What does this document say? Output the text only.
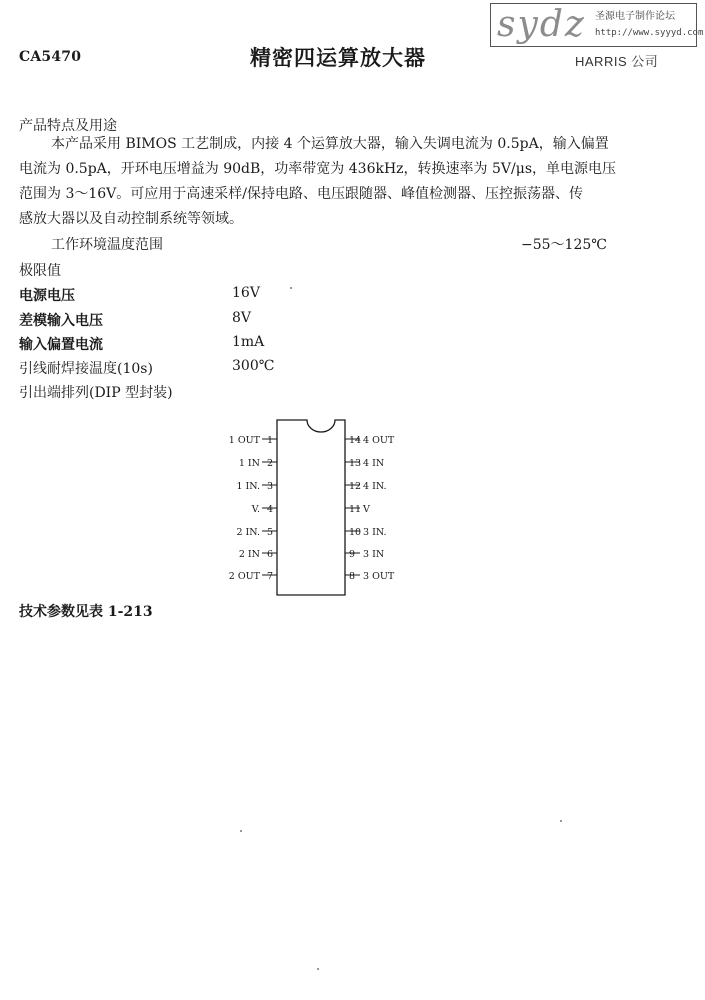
CA5470	精密四运算放大器
sydz 圣源电子制作论坛
http://www.syyyd.com
HARRIS 公司
产品特点及用途
本产品采用 BIMOS 工艺制成，内接 4 个运算放大器，输入失调电流为 0.5pA，输入偏置
电流为 0.5pA，开环电压增益为 90dB，功率带宽为 436kHz，转换速率为 5V/μs，单电源电压
范围为 3～16V。可应用于高速采样/保持电路、电压跟随器、峰值检测器、压控振荡器、传
感放大器以及自动控制系统等领域。
工作环境温度范围	−55～125℃
极限值
电源电压	16V
差模输入电压	8V
输入偏置电流	1mA
引线耐焊接温度(10s)	300℃
引出端排列(DIP 型封装)
1 OUT
1 IN
1 IN.
V.
2 IN.
2 IN
2 OUT
1
2
3
4
5
6
7
14
13
12
11
10
9
8
4 OUT
4 IN
4 IN.
V
3 IN.
3 IN
3 OUT
技术参数见表 1-213
